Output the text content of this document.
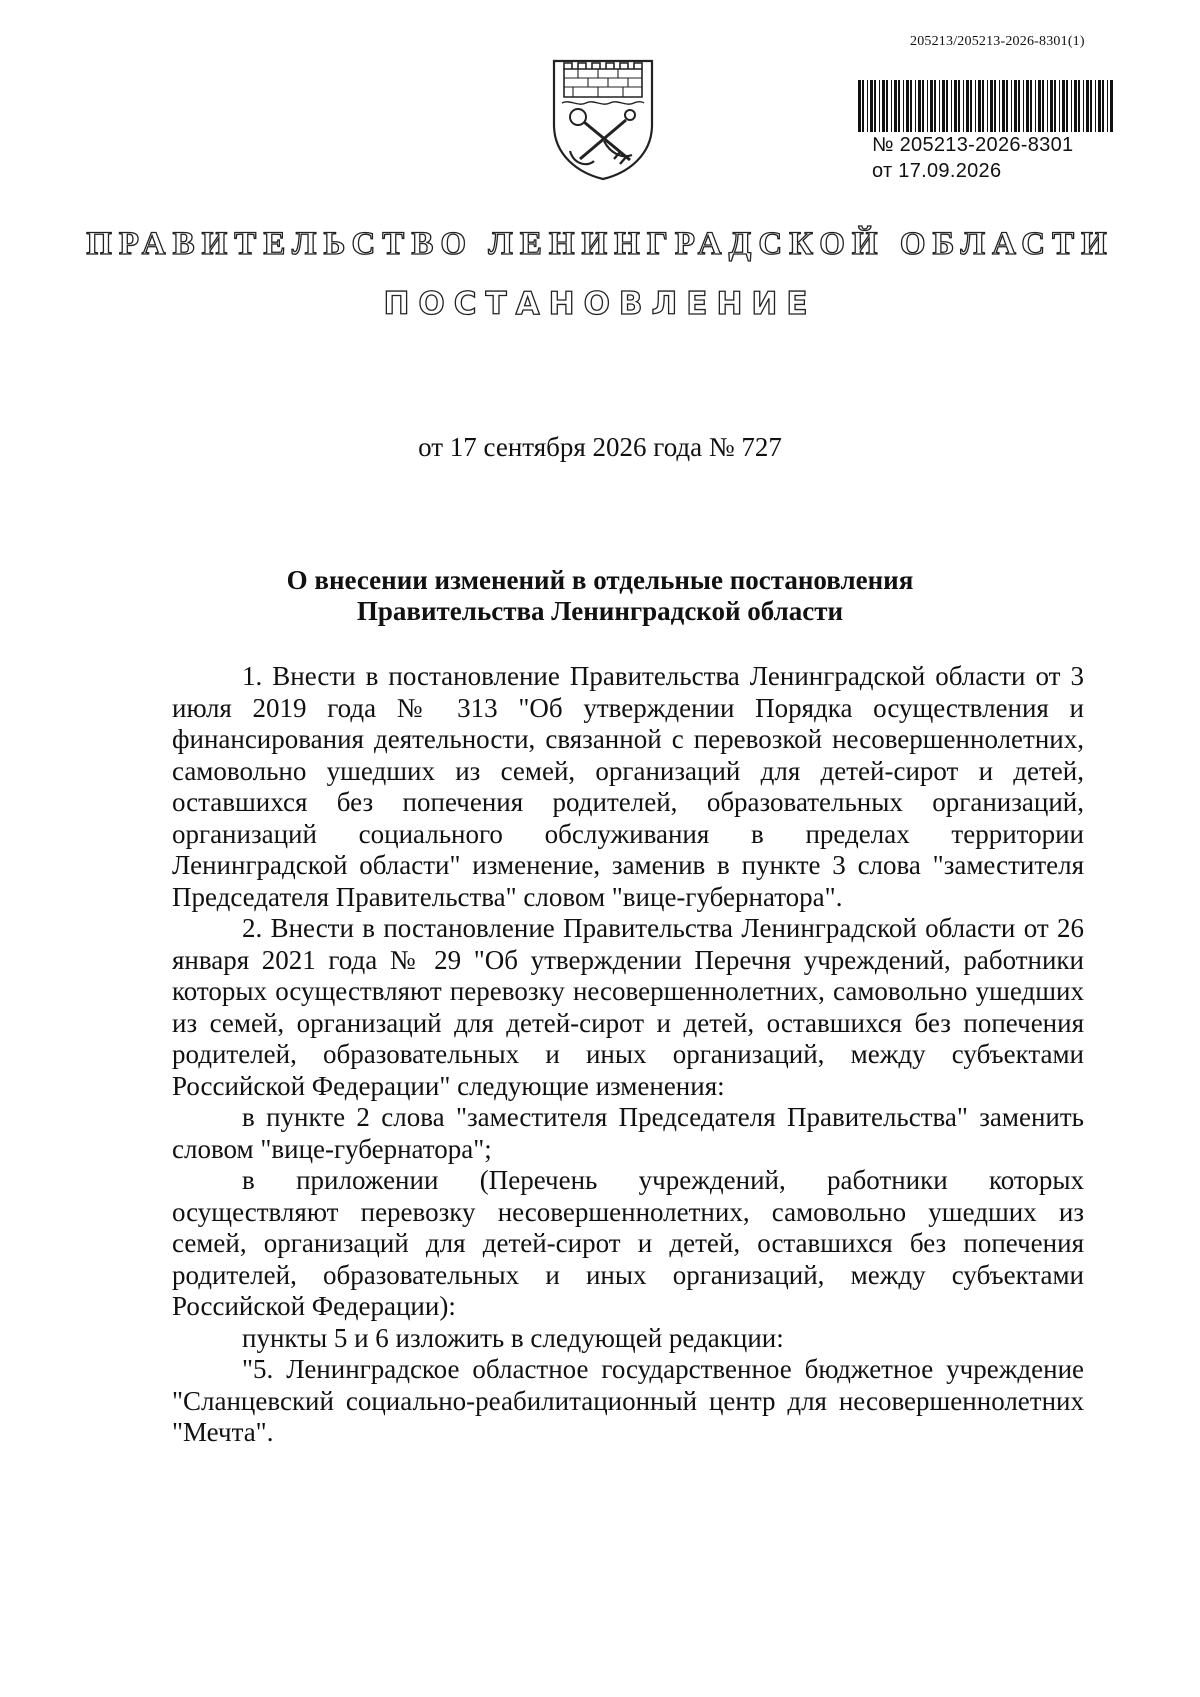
205213/205213-2026-8301(1)
№ 205213-2026-8301
от 17.09.2026
ПРАВИТЕЛЬСТВО ЛЕНИНГРАДСКОЙ ОБЛАСТИ
ПОСТАНОВЛЕНИЕ
от 17 сентября 2026 года № 727
О внесении изменений в отдельные постановления
Правительства Ленинградской области

1. Внести в постановление Правительства Ленинградской области от 3 июля 2019 года № 313 "Об утверждении Порядка осуществления и финансирования деятельности, связанной с перевозкой несовершеннолетних, самовольно ушедших из семей, организаций для детей-сирот и детей, оставшихся без попечения родителей, образовательных организаций, организаций социального обслуживания в пределах территории Ленинградской области" изменение, заменив в пункте 3 слова "заместителя Председателя Правительства" словом "вице-губернатора".

2. Внести в постановление Правительства Ленинградской области от 26 января 2021 года № 29 "Об утверждении Перечня учреждений, работники которых осуществляют перевозку несовершеннолетних, самовольно ушедших из семей, организаций для детей-сирот и детей, оставшихся без попечения родителей, образовательных и иных организаций, между субъектами Российской Федерации" следующие изменения:

в пункте 2 слова "заместителя Председателя Правительства" заменить словом "вице-губернатора";

в приложении (Перечень учреждений, работники которых осуществляют перевозку несовершеннолетних, самовольно ушедших из семей, организаций для детей-сирот и детей, оставшихся без попечения родителей, образовательных и иных организаций, между субъектами Российской Федерации):

пункты 5 и 6 изложить в следующей редакции:

"5. Ленинградское областное государственное бюджетное учреждение "Сланцевский социально-реабилитационный центр для несовершеннолетних "Мечта".
